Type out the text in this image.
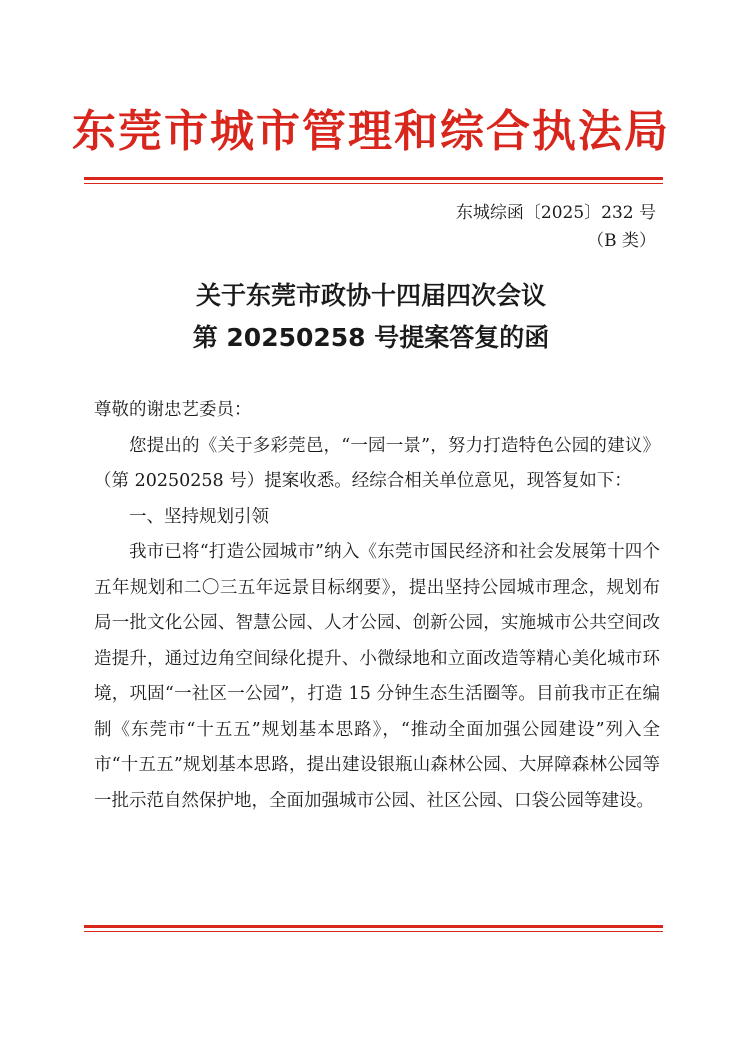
东莞市城市管理和综合执法局
东城综函〔2025〕232 号
（B 类）
关于东莞市政协十四届四次会议
第 20250258 号提案答复的函

尊敬的谢忠艺委员：

您提出的《关于多彩莞邑，“一园一景”，努力打造特色公园的建议》（第 20250258 号）提案收悉。经综合相关单位意见，现答复如下：

一、坚持规划引领

我市已将“打造公园城市”纳入《东莞市国民经济和社会发展第十四个五年规划和二〇三五年远景目标纲要》，提出坚持公园城市理念，规划布局一批文化公园、智慧公园、人才公园、创新公园，实施城市公共空间改造提升，通过边角空间绿化提升、小微绿地和立面改造等精心美化城市环境，巩固“一社区一公园”，打造 15 分钟生态生活圈等。目前我市正在编制《东莞市“十五五”规划基本思路》，“推动全面加强公园建设”列入全市“十五五”规划基本思路，提出建设银瓶山森林公园、大屏障森林公园等一批示范自然保护地，全面加强城市公园、社区公园、口袋公园等建设。
